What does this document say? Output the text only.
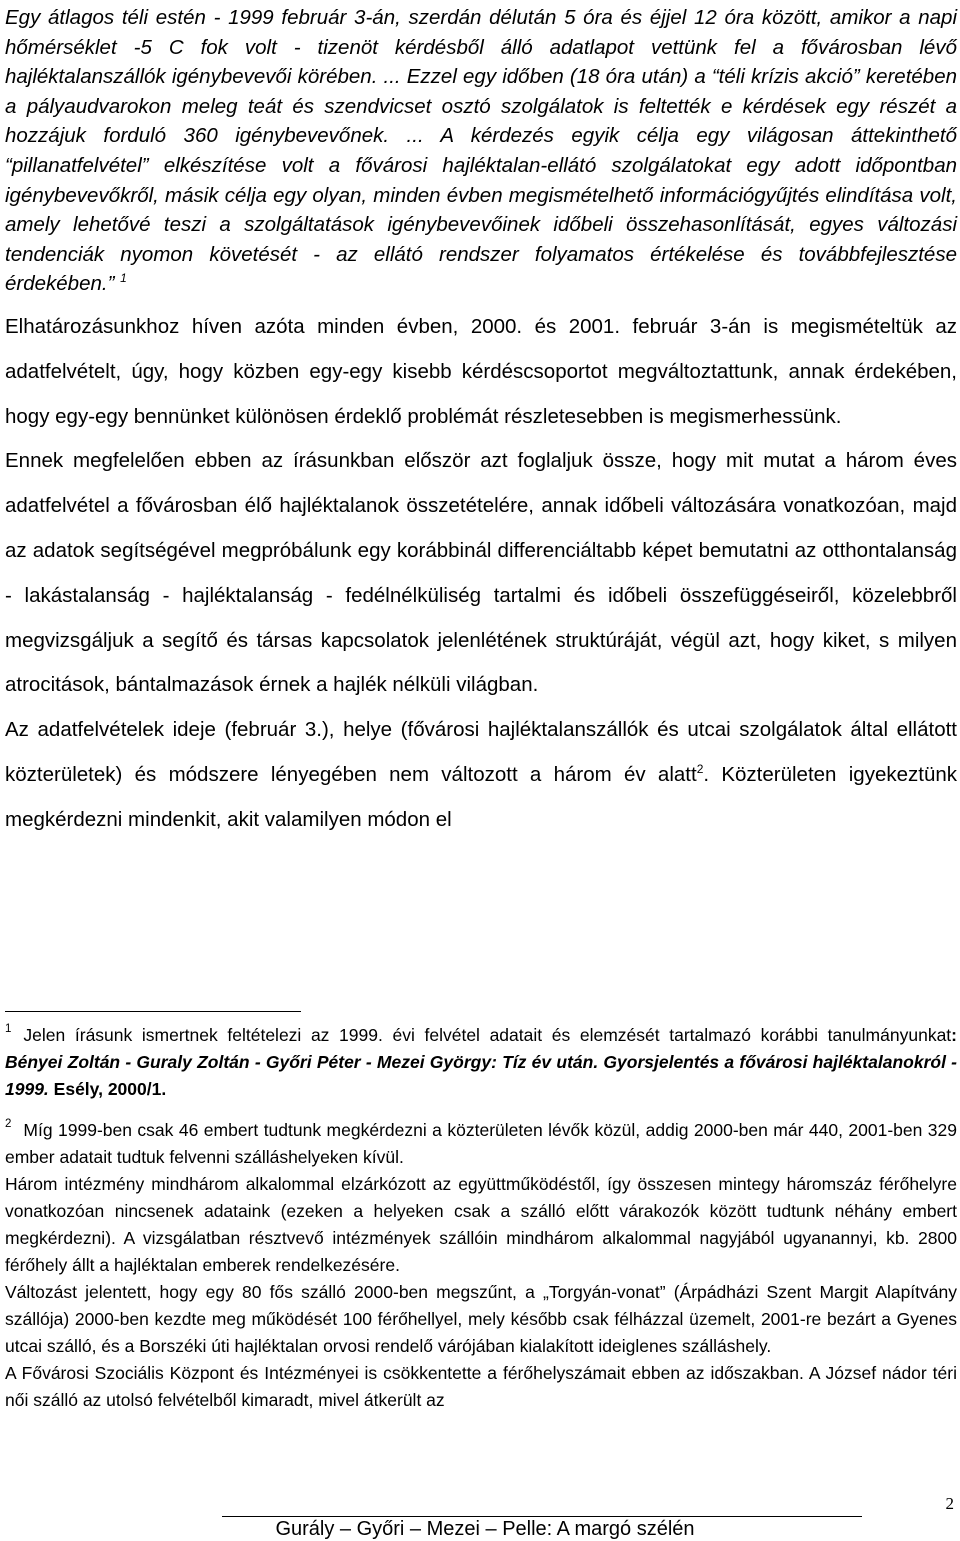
Egy átlagos téli estén - 1999 február 3-án, szerdán délután 5 óra és éjjel 12 óra között, amikor a napi hőmérséklet -5 C fok volt - tizenöt kérdésből álló adatlapot vettünk fel a fővárosban lévő hajléktalanszállók igénybevevői körében. ... Ezzel egy időben (18 óra után) a “téli krízis akció” keretében a pályaudvarokon meleg teát és szendvicset osztó szolgálatok is feltették e kérdések egy részét a hozzájuk forduló 360 igénybevevőnek. ... A kérdezés egyik célja egy világosan áttekinthető “pillanatfelvétel” elkészítése volt a fővárosi hajléktalan-ellátó szolgálatokat egy adott időpontban igénybevevőkről, másik célja egy olyan, minden évben megismételhető információgyűjtés elindítása volt, amely lehetővé teszi a szolgáltatások igénybevevőinek időbeli összehasonlítását, egyes változási tendenciák nyomon követését - az ellátó rendszer folyamatos értékelése és továbbfejlesztése érdekében.” $^1$

Elhatározásunkhoz híven azóta minden évben, 2000. és 2001. február 3-án is megismételtük az adatfelvételt, úgy, hogy közben egy-egy kisebb kérdéscsoportot megváltoztattunk, annak érdekében, hogy egy-egy bennünket különösen érdeklő problémát részletesebben is megismerhessünk.

Ennek megfelelően ebben az írásunkban először azt foglaljuk össze, hogy mit mutat a három éves adatfelvétel a fővárosban élő hajléktalanok összetételére, annak időbeli változására vonatkozóan, majd az adatok segítségével megpróbálunk egy korábbinál differenciáltabb képet bemutatni az otthontalanság - lakástalanság - hajléktalanság - fedélnélküliség tartalmi és időbeli összefüggéseiről, közelebbről megvizsgáljuk a segítő és társas kapcsolatok jelenlétének struktúráját, végül azt, hogy kiket, s milyen atrocitások, bántalmazások érnek a hajlék nélküli világban.

Az adatfelvételek ideje (február 3.), helye (fővárosi hajléktalanszállók és utcai szolgálatok által ellátott közterületek) és módszere lényegében nem változott a három év alatt$^2$. Közterületen igyekeztünk megkérdezni mindenkit, akit valamilyen módon el

$^1$ Jelen írásunk ismertnek feltételezi az 1999. évi felvétel adatait és elemzését tartalmazó korábbi tanulmányunkat: Bényei Zoltán - Guraly Zoltán - Győri Péter - Mezei György: Tíz év után. Gyorsjelentés a fővárosi hajléktalanokról - 1999. Esély, 2000/1.

$^2$ Míg 1999-ben csak 46 embert tudtunk megkérdezni a közterületen lévők közül, addig 2000-ben már 440, 2001-ben 329 ember adatait tudtuk felvenni szálláshelyeken kívül.

Három intézmény mindhárom alkalommal elzárkózott az együttműködéstől, így összesen mintegy háromszáz férőhelyre vonatkozóan nincsenek adataink (ezeken a helyeken csak a szálló előtt várakozók között tudtunk néhány embert megkérdezni). A vizsgálatban résztvevő intézmények szállóin mindhárom alkalommal nagyjából ugyanannyi, kb. 2800 férőhely állt a hajléktalan emberek rendelkezésére.

Változást jelentett, hogy egy 80 fős szálló 2000-ben megszűnt, a „Torgyán-vonat” (Árpádházi Szent Margit Alapítvány szállója) 2000-ben kezdte meg működését 100 férőhellyel, mely később csak félházzal üzemelt, 2001-re bezárt a Gyenes utcai szálló, és a Borszéki úti hajléktalan orvosi rendelő várójában kialakított ideiglenes szálláshely.

A Fővárosi Szociális Központ és Intézményei is csökkentette a férőhelyszámait ebben az időszakban. A József nádor téri női szálló az utolsó felvételből kimaradt, mivel átkerült az

2
Gurály – Győri – Mezei – Pelle: A margó szélén
